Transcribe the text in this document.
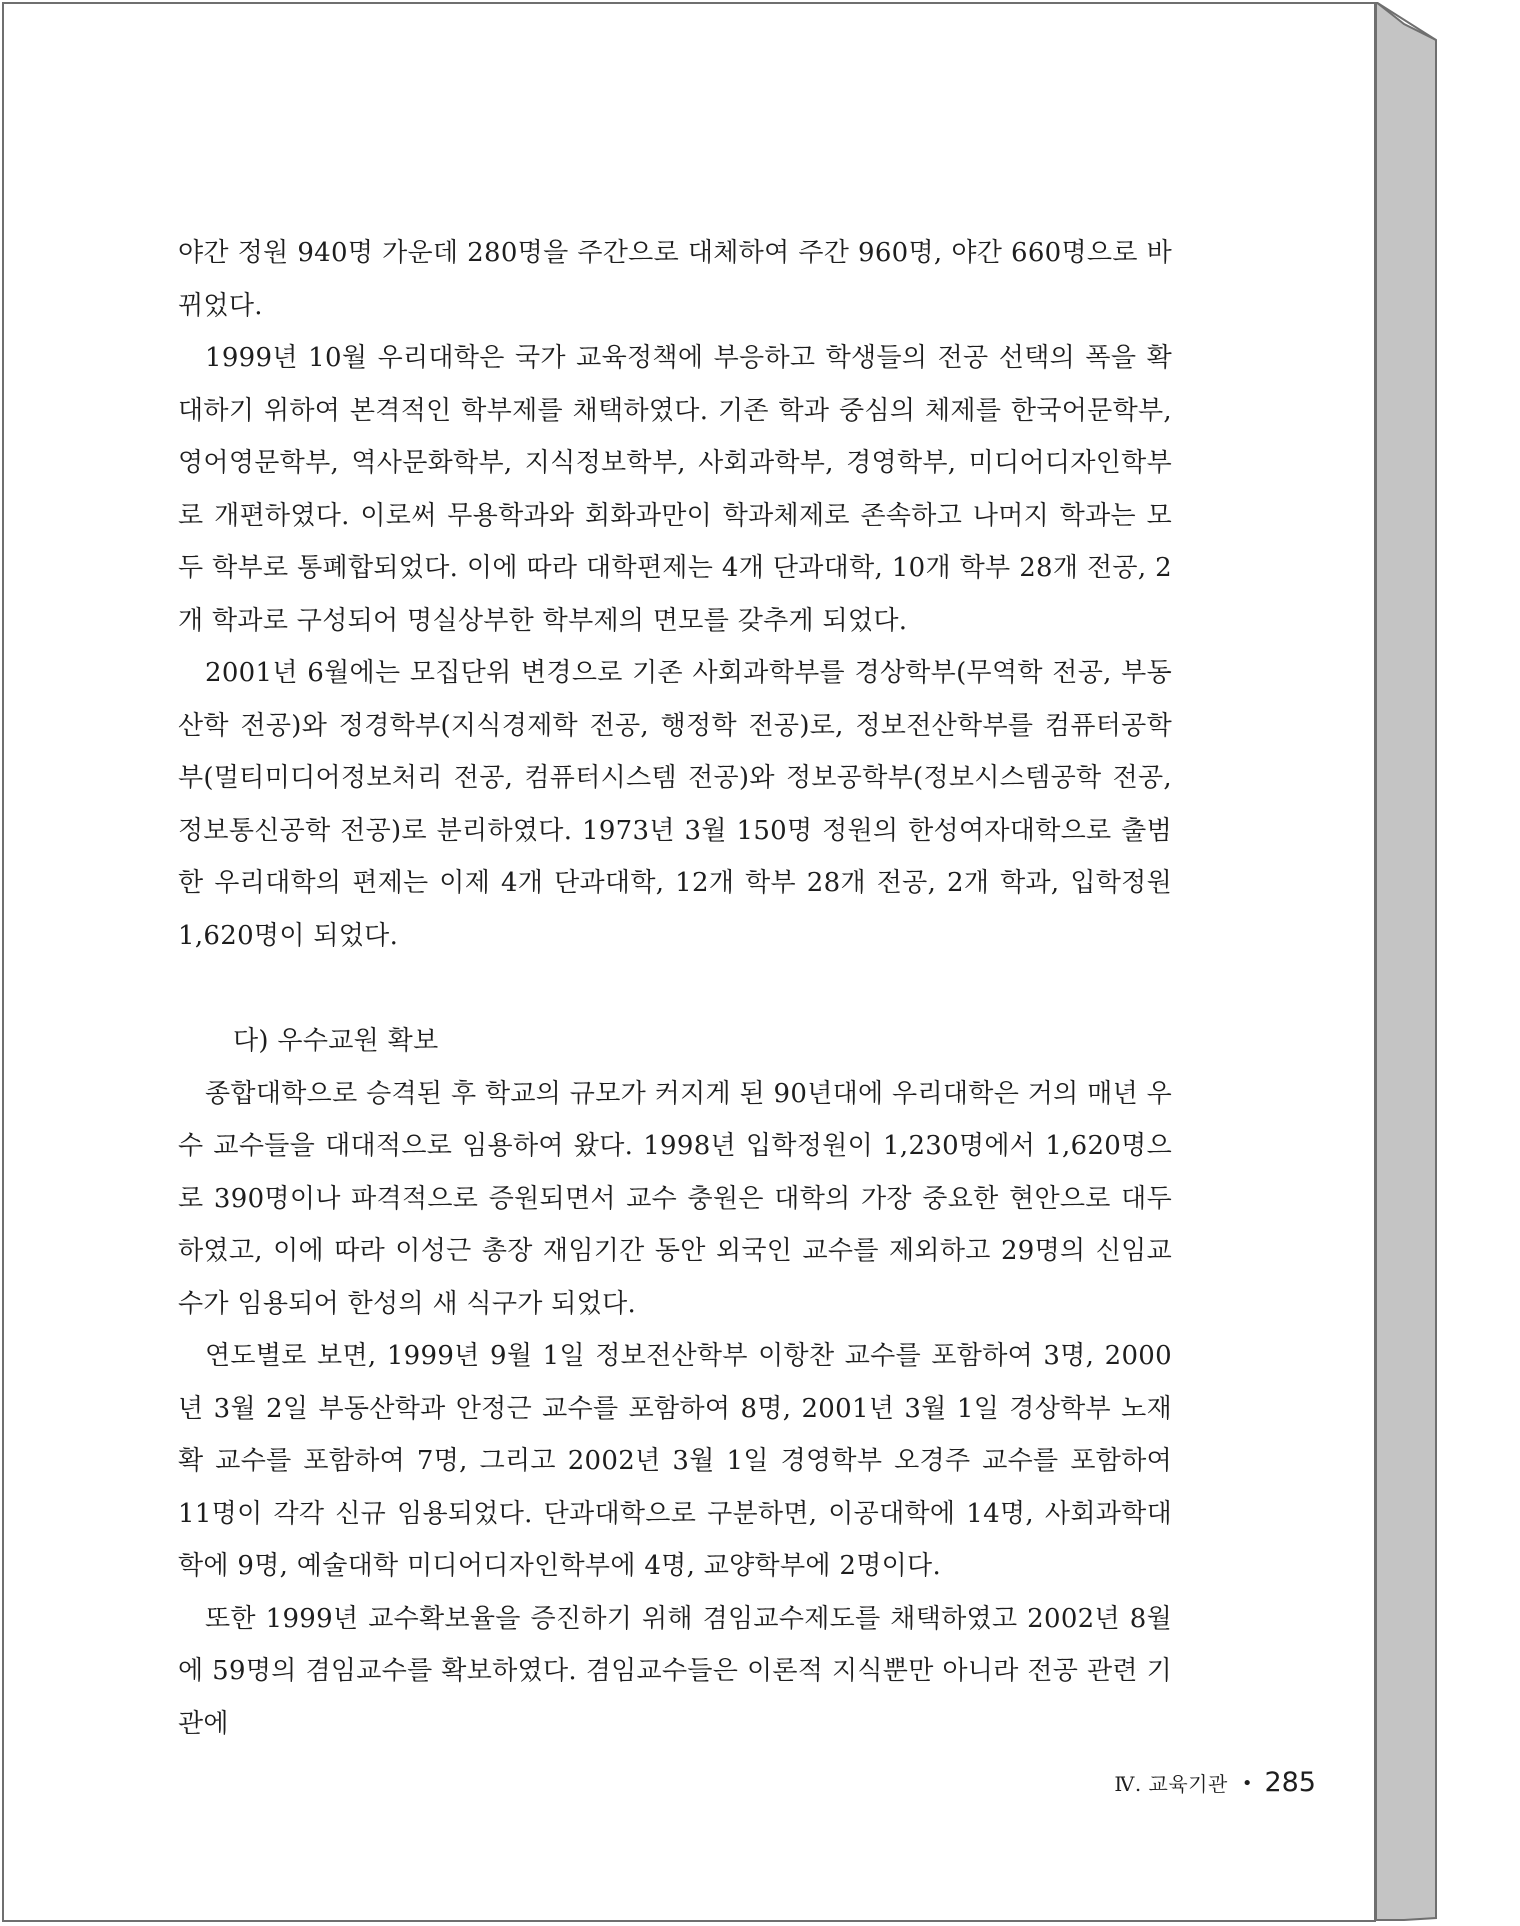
야간 정원 940명 가운데 280명을 주간으로 대체하여 주간 960명, 야간 660명으로 바뀌었다.

1999년 10월 우리대학은 국가 교육정책에 부응하고 학생들의 전공 선택의 폭을 확대하기 위하여 본격적인 학부제를 채택하였다. 기존 학과 중심의 체제를 한국어문학부, 영어영문학부, 역사문화학부, 지식정보학부, 사회과학부, 경영학부, 미디어디자인학부로 개편하였다. 이로써 무용학과와 회화과만이 학과체제로 존속하고 나머지 학과는 모두 학부로 통폐합되었다. 이에 따라 대학편제는 4개 단과대학, 10개 학부 28개 전공, 2개 학과로 구성되어 명실상부한 학부제의 면모를 갖추게 되었다.

2001년 6월에는 모집단위 변경으로 기존 사회과학부를 경상학부(무역학 전공, 부동산학 전공)와 정경학부(지식경제학 전공, 행정학 전공)로, 정보전산학부를 컴퓨터공학부(멀티미디어정보처리 전공, 컴퓨터시스템 전공)와 정보공학부(정보시스템공학 전공, 정보통신공학 전공)로 분리하였다. 1973년 3월 150명 정원의 한성여자대학으로 출범한 우리대학의 편제는 이제 4개 단과대학, 12개 학부 28개 전공, 2개 학과, 입학정원 1,620명이 되었다.

다) 우수교원 확보

종합대학으로 승격된 후 학교의 규모가 커지게 된 90년대에 우리대학은 거의 매년 우수 교수들을 대대적으로 임용하여 왔다. 1998년 입학정원이 1,230명에서 1,620명으로 390명이나 파격적으로 증원되면서 교수 충원은 대학의 가장 중요한 현안으로 대두하였고, 이에 따라 이성근 총장 재임기간 동안 외국인 교수를 제외하고 29명의 신임교수가 임용되어 한성의 새 식구가 되었다.

연도별로 보면, 1999년 9월 1일 정보전산학부 이항찬 교수를 포함하여 3명, 2000년 3월 2일 부동산학과 안정근 교수를 포함하여 8명, 2001년 3월 1일 경상학부 노재확 교수를 포함하여 7명, 그리고 2002년 3월 1일 경영학부 오경주 교수를 포함하여 11명이 각각 신규 임용되었다. 단과대학으로 구분하면, 이공대학에 14명, 사회과학대학에 9명, 예술대학 미디어디자인학부에 4명, 교양학부에 2명이다.

또한 1999년 교수확보율을 증진하기 위해 겸임교수제도를 채택하였고 2002년 8월에 59명의 겸임교수를 확보하였다. 겸임교수들은 이론적 지식뿐만 아니라 전공 관련 기관에

Ⅳ. 교육기관 • 285
